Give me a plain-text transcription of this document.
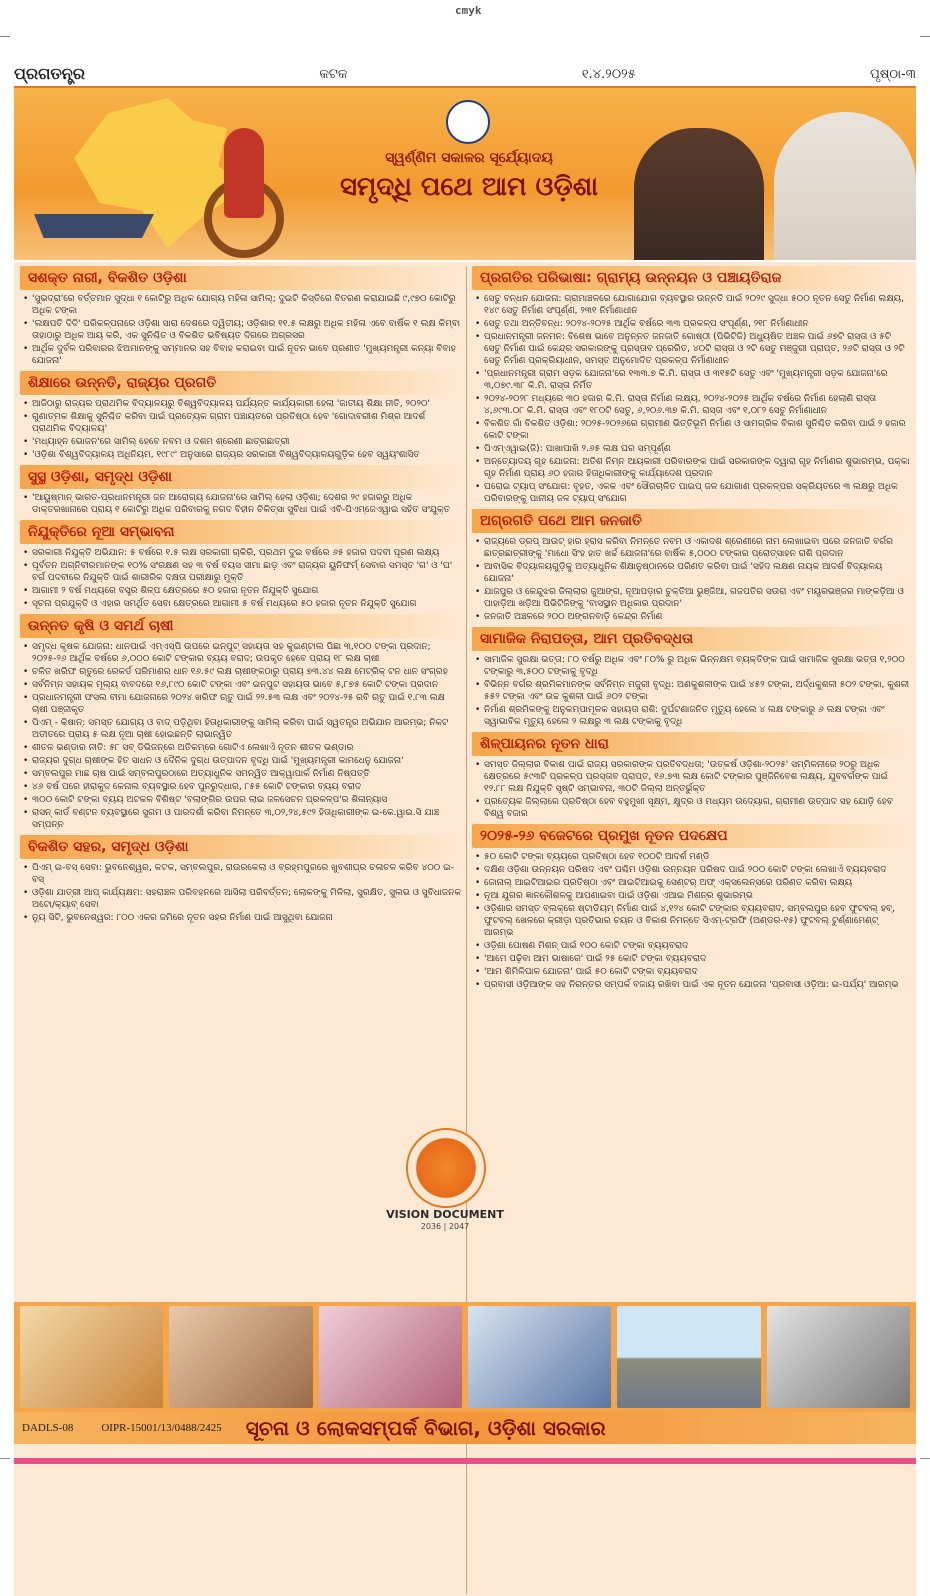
cmyk
ପ୍ରଗତନ୍ତ୍ର	କଟକ	୧.୪.୨୦୨୫	ପୃଷ୍ଠା-୩
ସ୍ୱର୍ଣ୍ଣିମ ସକାଳର ସୂର୍ଯ୍ୟୋଦୟ
ସମୃଦ୍ଧି ପଥେ ଆମ ଓଡ଼ିଶା
ସଶକ୍ତ ନାରୀ, ବିକଶିତ ଓଡ଼ିଶା
• 'ସୁଭଦ୍ରା'ରେ ବର୍ତ୍ତମାନ ସୁଦ୍ଧା ୧ କୋଟିରୁ ଅଧିକ ଯୋଗ୍ୟ ମହିଳା ସାମିଲ୍; ଦୁଇଟି କିସ୍ତିରେ ବିତରଣ କରାଯାଇଛି ୯,୯୭୦ କୋଟିରୁ ଅଧିକ ଟଙ୍କା
• 'ଲକ୍ଷପତି ଦିଦି' ପରିକଳ୍ପନାରେ ଓଡ଼ିଶା ସାରା ଦେଶରେ ଦ୍ୱିତୀୟ; ଓଡ଼ିଶାର ୧୧.୫ ଲକ୍ଷରୁ ଅଧିକ ମହିଳା ଏବେ ବାର୍ଷିକ ୧ ଲକ୍ଷ କିମ୍ବା ତାହାଠାରୁ ଅଧିକ ଆୟ କରି, ଏକ ସୁନିଶ୍ଚିତ ଓ ବିକଶିତ ଭବିଷ୍ୟତ ଦିଗରେ ଅଗ୍ରସର
• ଆର୍ଥିକ ଦୁର୍ବଳ ପରିବାରର ଝିଅମାନଙ୍କୁ ସମ୍ମାନର ସହ ବିବାହ କରାଇବା ପାଇଁ ନୂତନ ଭାବେ ପ୍ରଣୀତ 'ମୁଖ୍ୟମନ୍ତ୍ରୀ କନ୍ୟା ବିବାହ ଯୋଜନା'
ଶିକ୍ଷାରେ ଉନ୍ନତି, ରାଜ୍ୟର ପ୍ରଗତି
• ଆଜିଠାରୁ ରାଜ୍ୟର ପ୍ରାଥମିକ ବିଦ୍ୟାଳୟରୁ ବିଶ୍ୱବିଦ୍ୟାଳୟ ପର୍ଯ୍ୟନ୍ତ କାର୍ଯ୍ୟକାରୀ ହେଲା 'ଜାତୀୟ ଶିକ୍ଷା ନୀତି, ୨୦୨୦'
• ଗୁଣାତ୍ମକ ଶିକ୍ଷାକୁ ସୁନିଶ୍ଚିତ କରିବା ପାଇଁ ପ୍ରତ୍ୟେକ ଗ୍ରାମ ପଞ୍ଚାୟତରେ ପ୍ରତିଷ୍ଠା ହେବ 'ଗୋଦାବରୀଶ ମିଶ୍ର ଆଦର୍ଶ ପ୍ରାଥମିକ ବିଦ୍ୟାଳୟ'
• 'ମଧ୍ୟାହ୍ନ ଭୋଜନ'ରେ ସାମିଲ୍ ହେବେ ନବମ ଓ ଦଶମ ଶ୍ରେଣୀ ଛାତ୍ରଛାତ୍ରୀ
• 'ଓଡ଼ିଶା ବିଶ୍ୱବିଦ୍ୟାଳୟ ଅଧିନିୟମ, ୧୯୮୯' ଅନୁସାରେ ରାଜ୍ୟର ସରକାରୀ ବିଶ୍ୱବିଦ୍ୟାଳୟଗୁଡ଼ିକ ହେବ ସ୍ୱୟଂଶାସିତ
ସୁସ୍ଥ ଓଡ଼ିଶା, ସମୃଦ୍ଧ ଓଡ଼ିଶା
• 'ଆୟୁଷ୍ମାନ୍ ଭାରତ-ପ୍ରଧାନମନ୍ତ୍ରୀ ଜନ ଆରୋଗ୍ୟ ଯୋଜନା'ରେ ସାମିଲ୍ ହେଲା ଓଡ଼ିଶା; ଦେଶର ୨୯ ହଜାରରୁ ଅଧିକ ଡାକ୍ତରଖାନାରେ ପ୍ରାୟ ୧ କୋଟିରୁ ଅଧିକ ପରିବାରକୁ ନଗଦ ବିହୀନ ଚିକିତ୍ସା ସୁବିଧା ପାଇଁ ଏବି-ପିଏମ୍‌ଜେଏୱାଇ ସହିତ ସଂଯୁକ୍ତ
ନିଯୁକ୍ତିରେ ନୂଆ ସମ୍ଭାବନା
• ସରକାରୀ ନିଯୁକ୍ତି ଅଭିଯାନ: ୫ ବର୍ଷରେ ୧.୫ ଲକ୍ଷ ସରକାରୀ ଚାକିରି, ପ୍ରଥମ ଦୁଇ ବର୍ଷରେ ୬୫ ହଜାର ପଦବୀ ପୂରଣ ଲକ୍ଷ୍ୟ
• ପୂର୍ବତନ ଅଗ୍ନିବୀରମାନଙ୍କ ୧୦% ସଂରକ୍ଷଣ ସହ ୩ ବର୍ଷ ବୟସ ସୀମା ଛାଡ଼ ଏବଂ ରାଜ୍ୟର ୟୁନିଫର୍ମ୍ ସେବାର ସମସ୍ତ 'ଗ' ଓ 'ଘ' ବର୍ଗ ପଦବୀରେ ନିଯୁକ୍ତି ପାଇଁ ଶାରୀରିକ ଦକ୍ଷତା ପରୀକ୍ଷାରୁ ମୁକ୍ତି
• ଆଗାମୀ ୨ ବର୍ଷ ମଧ୍ୟରେ ବସ୍ତ୍ର ଶିଳ୍ପ କ୍ଷେତ୍ରରେ ୫୦ ହଜାର ନୂତନ ନିଯୁକ୍ତି ସୁଯୋଗ
• ସୂଚନା ପ୍ରଯୁକ୍ତି ଓ ଏହାର ସମର୍ଥିତ ସେବା କ୍ଷେତ୍ରରେ ଆଗାମୀ ୫ ବର୍ଷ ମଧ୍ୟରେ ୫୦ ହଜାର ନୂତନ ନିଯୁକ୍ତି ସୁଯୋଗ
ଉନ୍ନତ କୃଷି ଓ ସମର୍ଥ ଚାଷୀ
• ସମୃଦ୍ଧ କୃଷକ ଯୋଜନା: ଧାନପାଇଁ ଏମ୍‌ଏସ୍‌ପି ଉପରେ ଇନ୍‌ପୁଟ୍ ସହାୟତା ସହ କୁଇଣ୍ଟାଲ ପିଛା ୩,୧୦୦ ଟଙ୍କା ପ୍ରଦାନ; ୨୦୨୫-୨୬ ଆର୍ଥିକ ବର୍ଷରେ ୬,୦୦୦ କୋଟି ଟଙ୍କାର ବ୍ୟୟ ବରାଦ; ଉପକୃତ ହେବେ ପ୍ରାୟ ୧୮ ଲକ୍ଷ ଚାଷୀ
• ଚଳିତ ଖରିଫ ଋତୁରେ ରେକର୍ଡ ପରିମାଣର ଧାନ ୧୬.୫୯ ଲକ୍ଷ ଚାଷୀଙ୍କଠାରୁ ପ୍ରାୟ ୭୩.୪୪ ଲକ୍ଷ ମେଟ୍ରିକ୍ ଟନ ଧାନ ସଂଗ୍ରହ
• ସର୍ବନିମ୍ନ ସହାୟକ ମୂଲ୍ୟ ବାବଦରେ ୧୬,୮୯୦ କୋଟି ଟଙ୍କା ଏବଂ ଇନ୍‌ପୁଟ ସହାୟତା ଭାବେ ୫,୮୭୫ କୋଟି ଟଙ୍କା ପ୍ରଦାନ
• ପ୍ରଧାନମନ୍ତ୍ରୀ ଫସଲ ବୀମା ଯୋଜନାରେ ୨୦୨୪ ଖରିଫ ଋତୁ ପାଇଁ ୨୨.୫୩ ଲକ୍ଷ ଏବଂ ୨୦୨୪-୨୫ ରବି ଋତୁ ପାଇଁ ୧.୮୩ ଲକ୍ଷ ଚାଷୀ ପଞ୍ଜୀକୃତ
• ପିଏମ୍ - କିଷାନ୍: ସମସ୍ତ ଯୋଗ୍ୟ ଓ ବାଦ୍ ପଡ଼ିଥିବା ହିତାଧିକାରୀଙ୍କୁ ସାମିଲ୍ କରିବା ପାଇଁ ସ୍ୱତନ୍ତ୍ର ଅଭିଯାନ ଆରମ୍ଭ; ନିକଟ ଅତୀତରେ ପ୍ରାୟ ୫ ଲକ୍ଷ ନୂଆ ଚାଷୀ ହୋଇଛନ୍ତି ଲାଭାନ୍ୱିତ
• ଶୀତଳ ଭଣ୍ଡାର ନୀତି: ୫୮ ସବ୍ ଡିଭିଜନ୍‌ରେ ଅତିକମ୍‌ରେ ଗୋଟିଏ ଲେଖାଏଁ ନୂତନ ଶୀତଳ ଭଣ୍ଡାର
• ରାଜ୍ୟର ଦୁଗ୍ଧ ଚାଷୀଙ୍କ ହିତ ସାଧନ ଓ ଦୈନିକ ଦୁଗ୍ଧ ଉତ୍ପାଦନ ବୃଦ୍ଧି ପାଇଁ 'ମୁଖ୍ୟମନ୍ତ୍ରୀ କାମଧେନୁ ଯୋଜନା'
• ସମ୍ବଲପୁର ମାଛ ଚାଷ ପାଇଁ ସମ୍ବଲପୁରଠାରେ ଅତ୍ୟାଧୁନିକ ସମନ୍ୱିତ ଆକ୍ୱାପାର୍କ ନିର୍ମାଣ ନିଷ୍ପତ୍ତି
• ୪୬ ବର୍ଷ ପରେ ହୀରାକୁଦ କେନାଲ ବ୍ୟବସ୍ଥାର ହେବ ପୁନରୁଦ୍ଧାର, ୮୫୫ କୋଟି ଟଙ୍କାର ବ୍ୟୟ ବରାଦ
• ୩୦୦ କୋଟି ଟଙ୍କା ବ୍ୟୟ ଅଟକଳ ବିଶିଷ୍ଟ 'ବଲାଙ୍ଗିର ଉପର ଲାଇ ଜଳସେଚନ ପ୍ରକଳ୍ପ'ର ଶିଳାନ୍ୟାସ
• ରାସନ୍ କାର୍ଡ ବଣ୍ଟନ ବ୍ୟବସ୍ଥାରେ ସୁଗମ ଓ ପାରଦର୍ଶୀ କରିବା ନିମନ୍ତେ ୩,୦୨,୨୪,୫୯୨ ହିତାଧିକାରୀଙ୍କ ଇ-କେ.ୱାଇ.ସି ଯାଞ୍ଚ ସମ୍ପନ୍ନ
ବିକଶିତ ସହର, ସମୃଦ୍ଧ ଓଡ଼ିଶା
• ପିଏମ୍ ଇ-ବସ୍ ସେବା: ଭୁବନେଶ୍ୱର, କଟକ, ସମ୍ବଲପୁର, ରାଉରକେଲା ଓ ବ୍ରହ୍ମପୁରରେ ଖୁବଶୀଘ୍ର ଚଳାଚଳ କରିବ ୪୦୦ ଇ-ବସ୍
• ଓଡ଼ିଶା ଯାତ୍ରୀ ଆପ୍ କାର୍ଯ୍ୟକ୍ଷମ: ସହରାଞ୍ଚଳ ପରିବହନରେ ଆସିଲା ପରିବର୍ତ୍ତନ; ଲୋକଙ୍କୁ ମିଳିଲା, ସୁରକ୍ଷିତ, ସୁଲଭ ଓ ସୁବିଧାଜନକ ଅଟୋ/କ୍ୟାବ୍ ସେବା
• ନ୍ୟୁ ସିଟି, ଭୁବନେଶ୍ୱର: ୮୦୦ ଏକର ଜମିରେ ନୂତନ ସହର ନିର୍ମାଣ ପାଇଁ ଆସୁଥିବା ଯୋଜନା
ପ୍ରଗତିର ପରିଭାଷା: ଗ୍ରାମ୍ୟ ଉନ୍ନୟନ ଓ ପଞ୍ଚାୟତିରାଜ
• ସେତୁ ବନ୍ଧନ ଯୋଜନା: ଗ୍ରାମାଞ୍ଚଳରେ ଯୋଗାଯୋଗ ବ୍ୟବସ୍ଥାର ଉନ୍ନତି ପାଇଁ ୨୦୨୯ ସୁଦ୍ଧା ୫୦୦ ନୂତନ ସେତୁ ନିର୍ମାଣ ଲକ୍ଷ୍ୟ, ୧୪୯ ସେତୁ ନିର୍ମାଣ ସଂପୂର୍ଣ୍ଣ, ୨୩୧ ନିର୍ମାଣାଧୀନ
• ସେତୁ ତଥା ଅନ୍ତିବନ୍ଧ: ୨୦୨୪-୨୦୨୫ ଆର୍ଥିକ ବର୍ଷରେ ୩୩ ପ୍ରକଳ୍ପ ସଂପୂର୍ଣ୍ଣ, ୨୧୮ ନିର୍ମାଣାଧୀନ
• ପ୍ରଧାନମନ୍ତ୍ରୀ ଜନମନ: ବିଶେଷ ଭାବେ ଅନୁନ୍ନତ ଜନଜାତି ଗୋଷ୍ଠୀ (ପିଭିଟିଜି) ଅଧ୍ୟୁଷିତ ଅଞ୍ଚଳ ପାଇଁ ୬୭ଟି ରାସ୍ତା ଓ ୫ଟି ସେତୁ ନିର୍ମାଣ ପାଇଁ କେନ୍ଦ୍ର ସରକାରଙ୍କୁ ପ୍ରସ୍ତାବ ପ୍ରେରିତ, ୪୦ଟି ରାସ୍ତା ଓ ୨ଟି ସେତୁ ମଞ୍ଜୁରୀ ପ୍ରାପ୍ତ, ୨୬ଟି ରାସ୍ତା ଓ ୨ଟି ସେତୁ ନିର୍ମାଣ ପ୍ରକ୍ରିୟାଧୀନ, ସମସ୍ତ ଅନୁମୋଦିତ ପ୍ରକଳ୍ପ ନିର୍ମାଣାଧୀନ
• 'ପ୍ରଧାନମନ୍ତ୍ରୀ ଗ୍ରାମ ସଡ଼କ ଯୋଜନା'ରେ ୧୩୩.୭ କି.ମି. ରାସ୍ତା ଓ ୩୧୫ଟି ସେତୁ ଏବଂ 'ମୁଖ୍ୟମନ୍ତ୍ରୀ ସଡ଼କ ଯୋଜନା'ରେ ୩,୦୭୯.୩୮ କି.ମି. ରାସ୍ତା ନିର୍ମିତ
• ୨୦୨୪-୨୦୨୮ ମଧ୍ୟରେ ୩୦ ହଜାର କି.ମି. ରାସ୍ତା ନିର୍ମାଣ ଲକ୍ଷ୍ୟ, ୨୦୨୪-୨୦୨୫ ଆର୍ଥିକ ବର୍ଷରେ ନିର୍ମାଣ ହେଲାଣି ରାସ୍ତା ୪,୬୯୩.୦୮ କି.ମି. ରାସ୍ତା ଏବଂ ୧୮୦ଟି ସେତୁ, ୬,୨୦୬.୩୭ କି.ମି. ରାସ୍ତା ଏବଂ ୧,୦୮୨ ସେତୁ ନିର୍ମାଣାଧୀନ
• ବିକଶିତ ଗାଁ ବିକଶିତ ଓଡ଼ିଶା: ୨୦୨୫-୨୦୨୬ରେ ଗ୍ରାମୀଣ ଭିତ୍ତିଭୂମି ନିର୍ମାଣ ଓ ସାମଗ୍ରିକ ବିକାଶ ସୁନିଶ୍ଚିତ କରିବା ପାଇଁ ୨ ହଜାର କୋଟି ଟଙ୍କା
• ପିଏମ୍‌ଏୱାଇ(ଜି): ପାଖାପାଖି ୨.୬୫ ଲକ୍ଷ ଘର ସମ୍ପୂର୍ଣ୍ଣ
• ଅନ୍ତ୍ୟୋଦୟ ଗୃହ ଯୋଜନା: ଅତିଶ ନିମ୍ନ ଆୟକାରୀ ପରିବାରଙ୍କ ପାଇଁ ସରକାରଙ୍କ ଦ୍ୱାରା ଗୃହ ନିର୍ମାଣର ଶୁଭାରମ୍ଭ, ପକ୍କା ଗୃହ ନିର୍ମାଣ ପ୍ରାୟ ୬୦ ହଜାର ହିତାଧିକାରୀଙ୍କୁ କାର୍ଯ୍ୟାଦେଶ ପ୍ରଦାନ
• ଘରୋଇ ଟ୍ୟାପ୍ ସଂଯୋଗ: ବୃହତ, ଏକକ ଏବଂ ସୌରଚାଳିତ ପାଇପ୍ ଜଳ ଯୋଗାଣ ପ୍ରକଳ୍ପର ସକ୍ରିୟତରେ ୩ ଲକ୍ଷରୁ ଅଧିକ ପରିବାରଙ୍କୁ ପାନୀୟ ଜଳ ଟ୍ୟାପ୍ ସଂଯୋଗ
ଅଗ୍ରଗତି ପଥେ ଆମ ଜନଜାତି
• ରାଜ୍ୟରେ ଡ୍ରପ୍ ଆଉଟ୍ ହାର ହ୍ରାସ କରିବା ନିମନ୍ତେ ନବମ ଓ ଏକାଦଶ ଶ୍ରେଣୀରେ ନାମ ଲେଖାଇବା ପରେ ଜନଜାତି ବର୍ଗର ଛାତ୍ରଛାତ୍ରୀଙ୍କୁ 'ମାଧୋ ସିଂହ ହାତ ଖର୍ଚ୍ଚ ଯୋଜନା'ରେ ବାର୍ଷିକ ୫,୦୦୦ ଟଙ୍କାର ପ୍ରୋତ୍ସାହନ ରାଶି ପ୍ରଦାନ
• ଆବାସିକ ବିଦ୍ୟାଳୟଗୁଡ଼ିକୁ ଅତ୍ୟାଧୁନିକ ଶିକ୍ଷାନୁଷ୍ଠାନରେ ପରିଣତ କରିବା ପାଇଁ 'ସହିଦ ଲକ୍ଷଣ ନାୟକ ଆଦର୍ଶ ବିଦ୍ୟାଳୟ ଯୋଜନା'
• ଯାଜପୁର ଓ କେନ୍ଦୁଝର ଜିଲ୍ଲାର ଜୁଆଙ୍ଗ, ନୂଆପଡ଼ାର ଚୁକ୍ତିଆ ଭୁଞ୍ଜିଆ, ଗଜପତିର ସଉରା ଏବଂ ମୟୂରଭଞ୍ଜର ମାଙ୍କଡ଼ିଆ ଓ ପାହାଡ଼ିଆ ଖଡ଼ିଆ ପିଭିଟିଜିଙ୍କୁ 'ବାସସ୍ଥାନ ଅଧିକାର ପ୍ରଦାନ'
• ଜନଜାତି ଅଞ୍ଚଳରେ ୨୦୦ ଅଙ୍ଗନବାଡ଼ି କେନ୍ଦ୍ର ନିର୍ମାଣ
ସାମାଜିକ ନିରାପତ୍ତା, ଆମ ପ୍ରତିବଦ୍ଧତା
• ସାମାଜିକ ସୁରକ୍ଷା ଭତ୍ତା: ୮୦ ବର୍ଷରୁ ଅଧିକ ଏବଂ ୮୦% ରୁ ଅଧିକ ଭିନ୍ନକ୍ଷମ ବ୍ୟକ୍ତିଙ୍କ ପାଇଁ ସାମାଜିକ ସୁରକ୍ଷା ଭତ୍ତା ୧,୨୦୦ ଟଙ୍କାରୁ ୩,୫୦୦ ଟଙ୍କାକୁ ବୃଦ୍ଧି
• ବିଭିନ୍ନ ବର୍ଗର ଶ୍ରମିକମାନଙ୍କ ସର୍ବନିମ୍ନ ମଜୁରୀ ବୃଦ୍ଧି: ଅଣକୁଶଳୀଙ୍କ ପାଇଁ ୪୫୨ ଟଙ୍କା, ଅର୍ଦ୍ଧକୁଶଳୀ ୫୦୨ ଟଙ୍କା, କୁଶଳୀ ୫୫୨ ଟଙ୍କା ଏବଂ ଉଚ୍ଚ କୁଶଳୀ ପାଇଁ ୬୦୨ ଟଙ୍କା
• ନିର୍ମାଣ ଶ୍ରମିକଙ୍କୁ ଅନୁକମ୍ପାମୂଳକ ସହାୟତା ରାଶି: ଦୁର୍ଘଟଣାଜନିତ ମୃତ୍ୟୁ ହେଲେ ୪ ଲକ୍ଷ ଟଙ୍କାରୁ ୬ ଲକ୍ଷ ଟଙ୍କା ଏବଂ ସ୍ୱାଭାବିକ ମୃତ୍ୟୁ ହେଲେ ୨ ଲକ୍ଷରୁ ୩ ଲକ୍ଷ ଟଙ୍କାକୁ ବୃଦ୍ଧି
ଶିଳ୍ପାୟନର ନୂତନ ଧାରା
• ସମସ୍ତ ଜିଲ୍ଲାର ବିକାଶ ପାଇଁ ରାଜ୍ୟ ସରକାରଙ୍କ ପ୍ରତିବଦ୍ଧତା; 'ଉତ୍କର୍ଷ ଓଡ଼ିଶା-୨୦୨୫' ସମ୍ମିଳନୀରେ ୨୦ରୁ ଅଧିକ କ୍ଷେତ୍ରରେ ୫୯୩ଟି ପ୍ରକଳ୍ପ ପ୍ରସ୍ତାବ ପ୍ରାପ୍ତ, ୧୬.୭୩ ଲକ୍ଷ କୋଟି ଟଙ୍କାର ପୁଞ୍ଜିନିବେଶ ଲକ୍ଷ୍ୟ, ଯୁବବର୍ଗଙ୍କ ପାଇଁ ୧୨.୮୮ ଲକ୍ଷ ନିଯୁକ୍ତି ସୃଷ୍ଟି ସମ୍ଭାବନା, ୩୦ଟି ଜିଲ୍ଲା ଅନ୍ତର୍ଭୁକ୍ତ
• ପ୍ରତ୍ୟେକ ଜିଲ୍ଲାରେ ପ୍ରତିଷ୍ଠା ହେବ ବହୁମୁଖୀ ସୂକ୍ଷ୍ମ, କ୍ଷୁଦ୍ର ଓ ମଧ୍ୟମ ଉଦ୍ୟୋଗ, ଗ୍ରାମୀଣ ଉତ୍ପାଦ ସହ ଯୋଡ଼ି ହେବ ବିଶ୍ୱ ବଜାର
୨୦୨୫-୨୬ ବଜେଟରେ ପ୍ରମୁଖ ନୂତନ ପଦକ୍ଷେପ
• ୫୦ କୋଟି ଟଙ୍କା ବ୍ୟୟରେ ପ୍ରତିଷ୍ଠା ହେବ ୧୦୦ଟି ଆଦର୍ଶ ମଣ୍ଡି
• ଦକ୍ଷିଣ ଓଡ଼ିଶା ଉନ୍ନୟନ ପରିଷଦ ଏବଂ ପଶ୍ଚିମ ଓଡ଼ିଶା ଉନ୍ନୟନ ପରିଷଦ ପାଇଁ ୨୦୦ କୋଟି ଟଙ୍କା ଲେଖାଏଁ ବ୍ୟୟବରାଦ
• ଜୋନାଲ୍ ଆଇଟିଆଇର ପ୍ରତିଷ୍ଠା ଏବଂ ଆଇଟିଆଇକୁ ସେଣ୍ଟର୍ ଅଫ୍ ଏକ୍ସଲେନ୍ସରେ ପରିଣତ କରିବା ଲକ୍ଷ୍ୟ
• ନୂଆ ଯୁଗର ଜ୍ଞାନକୌଶଳକୁ ଆପଣାଇବା ପାଇଁ ଓଡ଼ିଶା ଏଆଇ ମିଶନ୍‌ର ଶୁଭାରମ୍ଭ
• ଓଡ଼ିଶାର ସମସ୍ତ ବ୍ଲକ୍‌ରେ ଷ୍ଟାଡିୟମ୍ ନିର୍ମାଣ ପାଇଁ ୪,୧୨୪ କୋଟି ଟଙ୍କାର ବ୍ୟୟବରାଦ, ସମ୍ବଲପୁର ହେବ ଫୁଟବଲ୍ ହବ୍, ଫୁଟବଲ୍ ଖେଳରେ କ୍ରୀଡ଼ା ପ୍ରତିଭାର ଚୟନ ଓ ବିକାଶ ନିମନ୍ତେ ସିଏମ୍-ଟ୍ରଫି (ଅଣ୍ଡର-୧୫) ଫୁଟବଲ୍ ଟୁର୍ଣ୍ଣାମେଣ୍ଟ୍ ଆରମ୍ଭ
• ଓଡ଼ିଶା ପୋଷଣ ମିଶନ୍ ପାଇଁ ୧୦୦ କୋଟି ଟଙ୍କା ବ୍ୟୟବରାଦ
• 'ଆମେ ପଢ଼ିବା ଆମ ଭାଷାରେ' ପାଇଁ ୨୫ କୋଟି ଟଙ୍କା ବ୍ୟୟବରାଦ
• 'ଆମ ଶିମିଳିପାଳ ଯୋଜନା' ପାଇଁ ୫୦ କୋଟି ଟଙ୍କା ବ୍ୟୟବରାଦ
• ପ୍ରବାସୀ ଓଡ଼ିଆଙ୍କ ସହ ନିରନ୍ତର ସମ୍ପର୍କ ବଜାୟ ରଖିବା ପାଇଁ ଏକ ନୂତନ ଯୋଜନା 'ପ୍ରବାସୀ ଓଡ଼ିଆ: ଇ-ପର୍ଯ୍ୟ' ଆରମ୍ଭ
VISION DOCUMENT
2036 | 2047
DADLS-08	OIPR-15001/13/0488/2425 ସୂଚନା ଓ ଲୋକସମ୍ପର୍କ ବିଭାଗ, ଓଡ଼ିଶା ସରକାର
